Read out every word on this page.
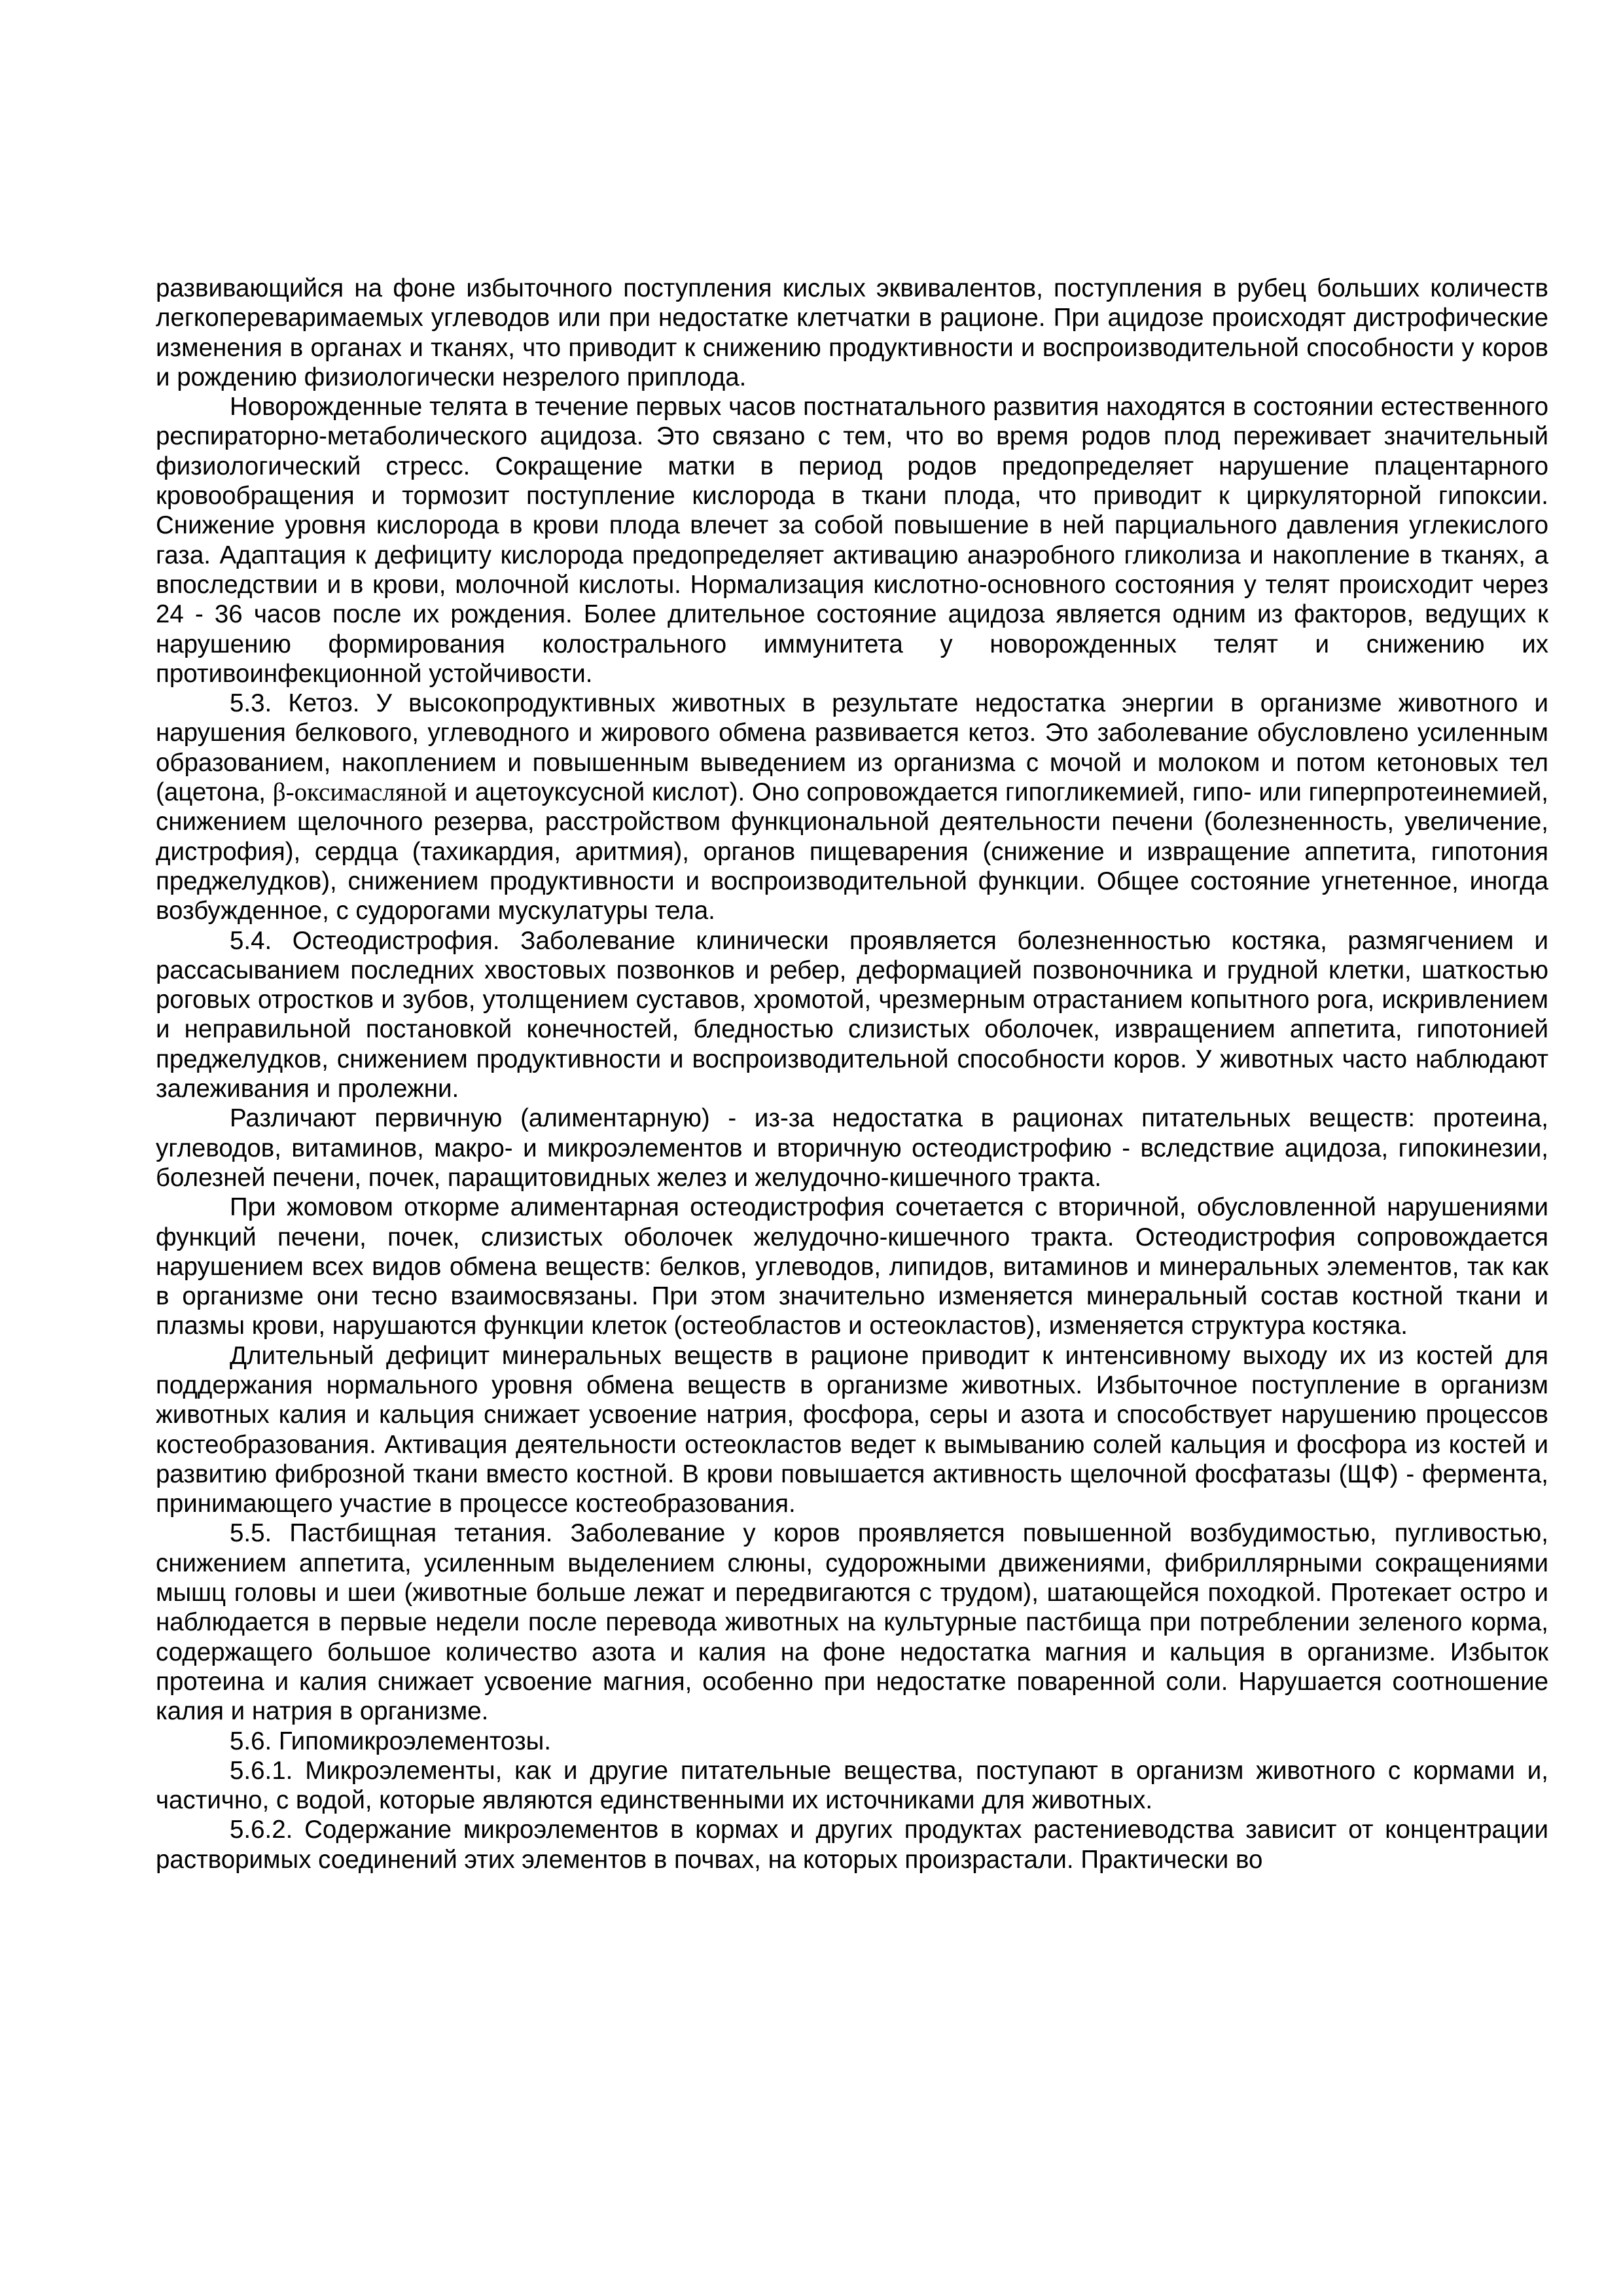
развивающийся на фоне избыточного поступления кислых эквивалентов, поступления в рубец больших количеств легкопереваримаемых углеводов или при недостатке клетчатки в рационе. При ацидозе происходят дистрофические изменения в органах и тканях, что приводит к снижению продуктивности и воспроизводительной способности у коров и рождению физиологически незрелого приплода.

Новорожденные телята в течение первых часов постнатального развития находятся в состоянии естественного респираторно-метаболического ацидоза. Это связано с тем, что во время родов плод переживает значительный физиологический стресс. Сокращение матки в период родов предопределяет нарушение плацентарного кровообращения и тормозит поступление кислорода в ткани плода, что приводит к циркуляторной гипоксии. Снижение уровня кислорода в крови плода влечет за собой повышение в ней парциального давления углекислого газа. Адаптация к дефициту кислорода предопределяет активацию анаэробного гликолиза и накопление в тканях, а впоследствии и в крови, молочной кислоты. Нормализация кислотно-основного состояния у телят происходит через 24 - 36 часов после их рождения. Более длительное состояние ацидоза является одним из факторов, ведущих к нарушению формирования колострального иммунитета у новорожденных телят и снижению их противоинфекционной устойчивости.

5.3. Кетоз. У высокопродуктивных животных в результате недостатка энергии в организме животного и нарушения белкового, углеводного и жирового обмена развивается кетоз. Это заболевание обусловлено усиленным образованием, накоплением и повышенным выведением из организма с мочой и молоком и потом кетоновых тел (ацетона, β-оксимасляной и ацетоуксусной кислот). Оно сопровождается гипогликемией, гипо- или гиперпротеинемией, снижением щелочного резерва, расстройством функциональной деятельности печени (болезненность, увеличение, дистрофия), сердца (тахикардия, аритмия), органов пищеварения (снижение и извращение аппетита, гипотония преджелудков), снижением продуктивности и воспроизводительной функции. Общее состояние угнетенное, иногда возбужденное, с судорогами мускулатуры тела.

5.4. Остеодистрофия. Заболевание клинически проявляется болезненностью костяка, размягчением и рассасыванием последних хвостовых позвонков и ребер, деформацией позвоночника и грудной клетки, шаткостью роговых отростков и зубов, утолщением суставов, хромотой, чрезмерным отрастанием копытного рога, искривлением и неправильной постановкой конечностей, бледностью слизистых оболочек, извращением аппетита, гипотонией преджелудков, снижением продуктивности и воспроизводительной способности коров. У животных часто наблюдают залеживания и пролежни.

Различают первичную (алиментарную) - из-за недостатка в рационах питательных веществ: протеина, углеводов, витаминов, макро- и микроэлементов и вторичную остеодистрофию - вследствие ацидоза, гипокинезии, болезней печени, почек, паращитовидных желез и желудочно-кишечного тракта.

При жомовом откорме алиментарная остеодистрофия сочетается с вторичной, обусловленной нарушениями функций печени, почек, слизистых оболочек желудочно-кишечного тракта. Остеодистрофия сопровождается нарушением всех видов обмена веществ: белков, углеводов, липидов, витаминов и минеральных элементов, так как в организме они тесно взаимосвязаны. При этом значительно изменяется минеральный состав костной ткани и плазмы крови, нарушаются функции клеток (остеобластов и остеокластов), изменяется структура костяка.

Длительный дефицит минеральных веществ в рационе приводит к интенсивному выходу их из костей для поддержания нормального уровня обмена веществ в организме животных. Избыточное поступление в организм животных калия и кальция снижает усвоение натрия, фосфора, серы и азота и способствует нарушению процессов костеобразования. Активация деятельности остеокластов ведет к вымыванию солей кальция и фосфора из костей и развитию фиброзной ткани вместо костной. В крови повышается активность щелочной фосфатазы (ЩФ) - фермента, принимающего участие в процессе костеобразования.

5.5. Пастбищная тетания. Заболевание у коров проявляется повышенной возбудимостью, пугливостью, снижением аппетита, усиленным выделением слюны, судорожными движениями, фибриллярными сокращениями мышц головы и шеи (животные больше лежат и передвигаются с трудом), шатающейся походкой. Протекает остро и наблюдается в первые недели после перевода животных на культурные пастбища при потреблении зеленого корма, содержащего большое количество азота и калия на фоне недостатка магния и кальция в организме. Избыток протеина и калия снижает усвоение магния, особенно при недостатке поваренной соли. Нарушается соотношение калия и натрия в организме.

5.6. Гипомикроэлементозы.

5.6.1. Микроэлементы, как и другие питательные вещества, поступают в организм животного с кормами и, частично, с водой, которые являются единственными их источниками для животных.

5.6.2. Содержание микроэлементов в кормах и других продуктах растениеводства зависит от концентрации растворимых соединений этих элементов в почвах, на которых произрастали. Практически во
